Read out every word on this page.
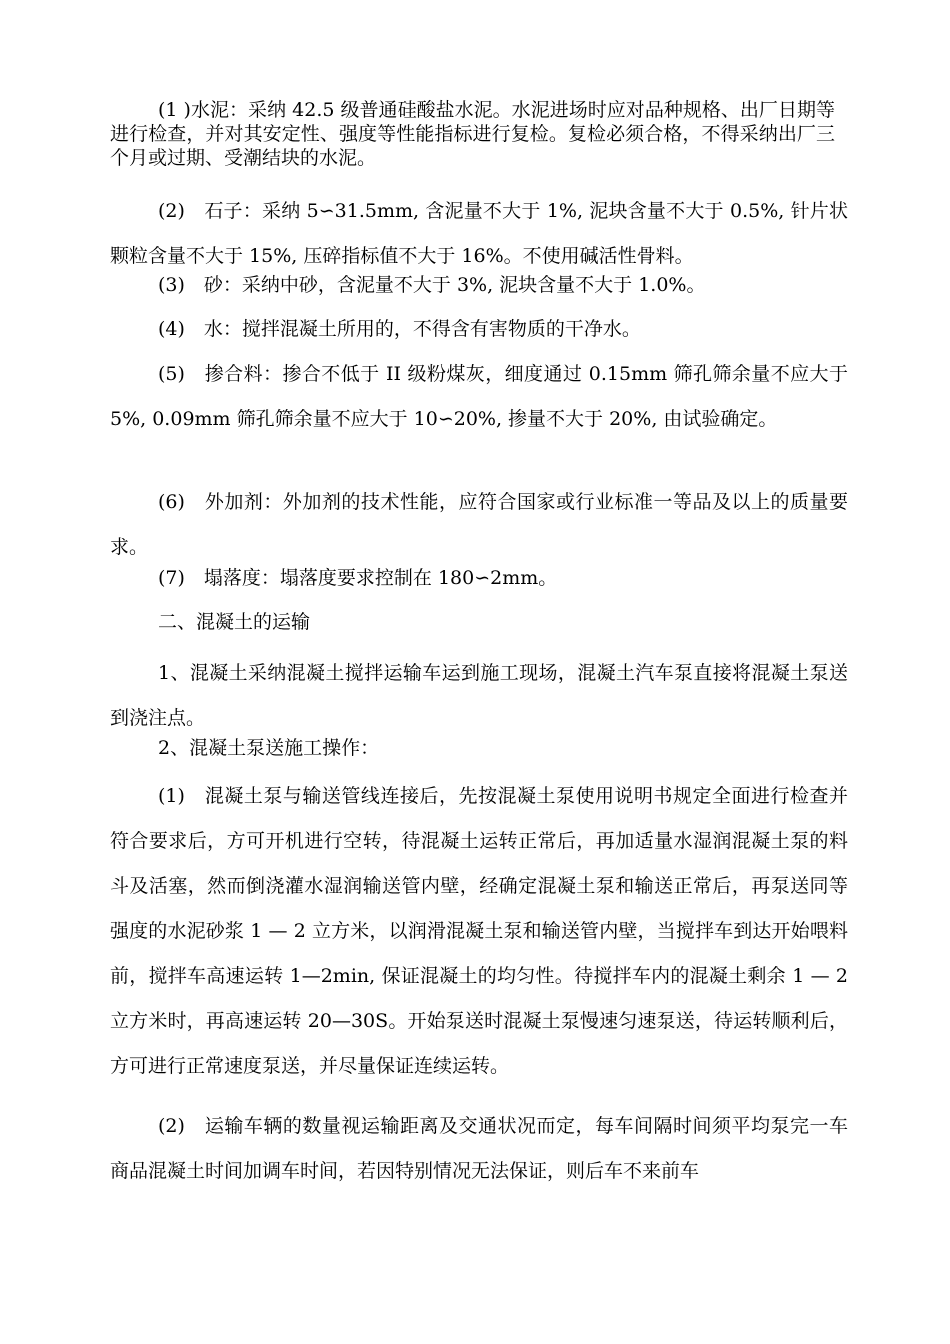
(1 )水泥：采纳 42.5 级普通硅酸盐水泥。水泥进场时应对品种规格、出厂日期等进行检查，并对其安定性、强度等性能指标进行复检。复检必须合格，不得采纳出厂三个月或过期、受潮结块的水泥。

(2)　石子：采纳 5∽31.5mm, 含泥量不大于 1%, 泥块含量不大于 0.5%, 针片状颗粒含量不大于 15%, 压碎指标值不大于 16%。不使用碱活性骨料。

(3)　砂：采纳中砂，含泥量不大于 3%, 泥块含量不大于 1.0%。

(4)　水：搅拌混凝土所用的，不得含有害物质的干净水。

(5)　掺合料：掺合不低于 II 级粉煤灰，细度通过 0.15mm 筛孔筛余量不应大于 5%, 0.09mm 筛孔筛余量不应大于 10∽20%, 掺量不大于 20%, 由试验确定。

(6)　外加剂：外加剂的技术性能，应符合国家或行业标准一等品及以上的质量要求。

(7)　塌落度：塌落度要求控制在 180∽2mm。

二、混凝土的运输

1、混凝土采纳混凝土搅拌运输车运到施工现场，混凝土汽车泵直接将混凝土泵送到浇注点。

2、混凝土泵送施工操作：

(1)　混凝土泵与输送管线连接后，先按混凝土泵使用说明书规定全面进行检查并符合要求后，方可开机进行空转，待混凝土运转正常后，再加适量水湿润混凝土泵的料斗及活塞，然而倒浇灌水湿润输送管内壁，经确定混凝土泵和输送正常后，再泵送同等强度的水泥砂浆 1 — 2 立方米，以润滑混凝土泵和输送管内壁，当搅拌车到达开始喂料前，搅拌车高速运转 1—2min, 保证混凝土的均匀性。待搅拌车内的混凝土剩余 1 — 2 立方米时，再高速运转 20—30S。开始泵送时混凝土泵慢速匀速泵送，待运转顺利后，方可进行正常速度泵送，并尽量保证连续运转。

(2)　运输车辆的数量视运输距离及交通状况而定，每车间隔时间须平均泵完一车商品混凝土时间加调车时间，若因特别情况无法保证，则后车不来前车
